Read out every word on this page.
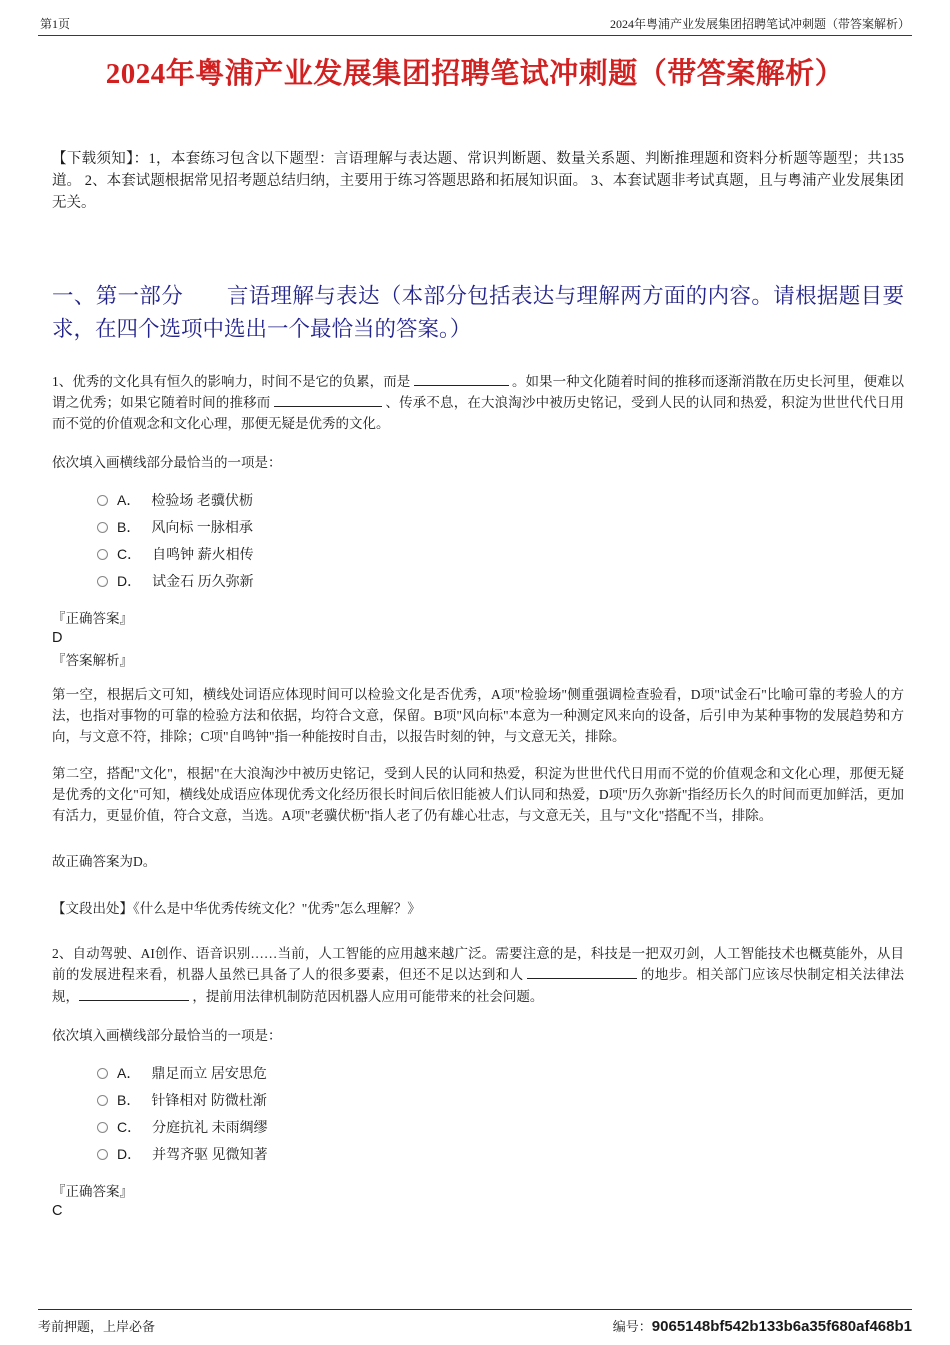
第1页	2024年粤浦产业发展集团招聘笔试冲刺题（带答案解析）
2024年粤浦产业发展集团招聘笔试冲刺题（带答案解析）

【下载须知】：1，本套练习包含以下题型：言语理解与表达题、常识判断题、数量关系题、判断推理题和资料分析题等题型；共135道。 2、本套试题根据常见招考题总结归纳，主要用于练习答题思路和拓展知识面。 3、本套试题非考试真题，且与粤浦产业发展集团无关。

一、第一部分　　言语理解与表达（本部分包括表达与理解两方面的内容。请根据题目要求，在四个选项中选出一个最恰当的答案。）

1、优秀的文化具有恒久的影响力，时间不是它的负累，而是	。如果一种文化随着时间的推移而逐渐消散在历史长河里，便难以谓之优秀；如果它随着时间的推移而	、传承不息，在大浪淘沙中被历史铭记，受到人民的认同和热爱，积淀为世世代代日用而不觉的价值观念和文化心理，那便无疑是优秀的文化。

依次填入画横线部分最恰当的一项是：

A． 检验场 老骥伏枥
B． 风向标 一脉相承
C． 自鸣钟 薪火相传
D． 试金石 历久弥新

『正确答案』

D

『答案解析』

第一空，根据后文可知，横线处词语应体现时间可以检验文化是否优秀，A项"检验场"侧重强调检查验看，D项"试金石"比喻可靠的考验人的方法，也指对事物的可靠的检验方法和依据，均符合文意，保留。B项"风向标"本意为一种测定风来向的设备，后引申为某种事物的发展趋势和方向，与文意不符，排除；C项"自鸣钟"指一种能按时自击，以报告时刻的钟，与文意无关，排除。

第二空，搭配"文化"，根据"在大浪淘沙中被历史铭记，受到人民的认同和热爱，积淀为世世代代日用而不觉的价值观念和文化心理，那便无疑是优秀的文化"可知，横线处成语应体现优秀文化经历很长时间后依旧能被人们认同和热爱，D项"历久弥新"指经历长久的时间而更加鲜活，更加有活力，更显价值，符合文意，当选。A项"老骥伏枥"指人老了仍有雄心壮志，与文意无关，且与"文化"搭配不当，排除。

故正确答案为D。

【文段出处】《什么是中华优秀传统文化？"优秀"怎么理解？》

2、自动驾驶、AI创作、语音识别……当前，人工智能的应用越来越广泛。需要注意的是，科技是一把双刃剑，人工智能技术也概莫能外，从目前的发展进程来看，机器人虽然已具备了人的很多要素，但还不足以达到和人	的地步。相关部门应该尽快制定相关法律法规，	，提前用法律机制防范因机器人应用可能带来的社会问题。

依次填入画横线部分最恰当的一项是：

A． 鼎足而立 居安思危
B． 针锋相对 防微杜渐
C． 分庭抗礼 未雨绸缪
D． 并驾齐驱 见微知著

『正确答案』

C

考前押题，上岸必备	编号：9065148bf542b133b6a35f680af468b1
